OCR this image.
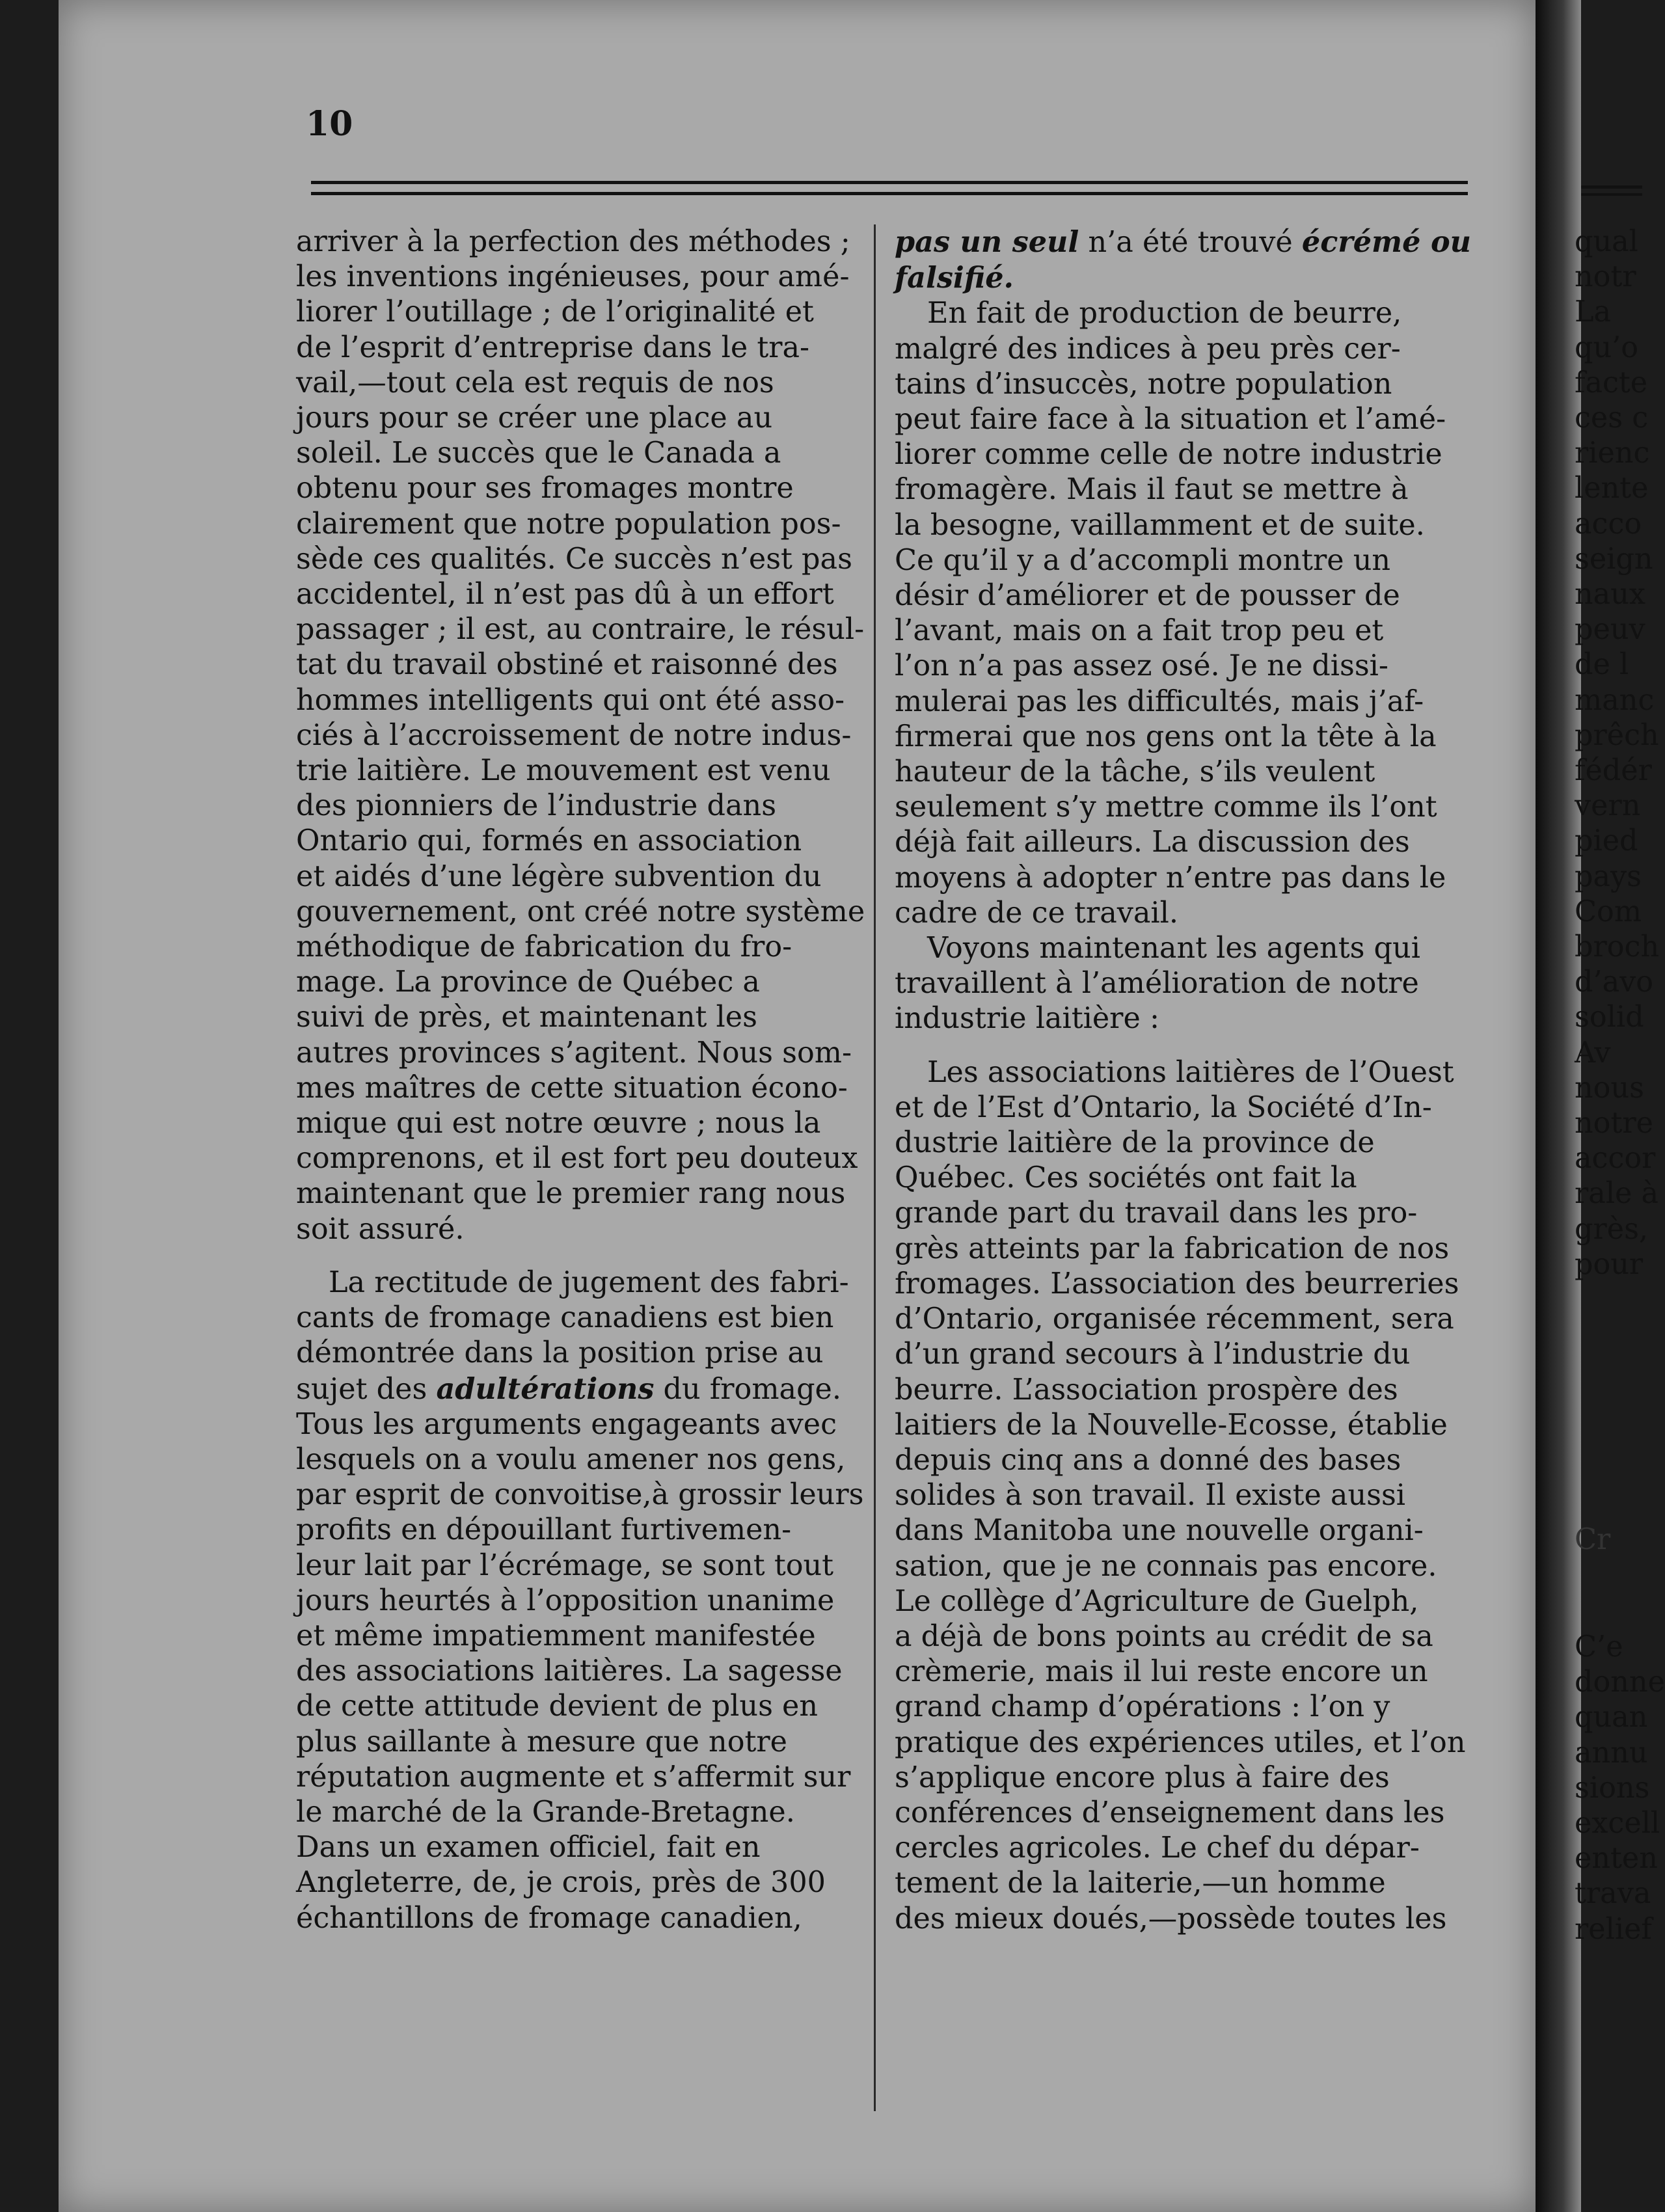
10
arriver à la perfection des méthodes ;
les inventions ingénieuses, pour amé-
liorer l’outillage ; de l’originalité et
de l’esprit d’entreprise dans le tra-
vail,—tout cela est requis de nos
jours pour se créer une place au
soleil. Le succès que le Canada a
obtenu pour ses fromages montre
clairement que notre population pos-
sède ces qualités. Ce succès n’est pas
accidentel, il n’est pas dû à un effort
passager ; il est, au contraire, le résul-
tat du travail obstiné et raisonné des
hommes intelligents qui ont été asso-
ciés à l’accroissement de notre indus-
trie laitière. Le mouvement est venu
des pionniers de l’industrie dans
Ontario qui, formés en association
et aidés d’une légère subvention du
gouvernement, ont créé notre système
méthodique de fabrication du fro-
mage. La province de Québec a
suivi de près, et maintenant les
autres provinces s’agitent. Nous som-
mes maîtres de cette situation écono-
mique qui est notre œuvre ; nous la
comprenons, et il est fort peu douteux
maintenant que le premier rang nous
soit assuré.
La rectitude de jugement des fabri-
cants de fromage canadiens est bien
démontrée dans la position prise au
sujet des adultérations du fromage.
Tous les arguments engageants avec
lesquels on a voulu amener nos gens,
par esprit de convoitise,à grossir leurs
profits en dépouillant furtivemen-
leur lait par l’écrémage, se sont tout
jours heurtés à l’opposition unanime
et même impatiemment manifestée
des associations laitières. La sagesse
de cette attitude devient de plus en
plus saillante à mesure que notre
réputation augmente et s’affermit sur
le marché de la Grande-Bretagne.
Dans un examen officiel, fait en
Angleterre, de, je crois, près de 300
échantillons de fromage canadien,
pas un seul n’a été trouvé écrémé ou
falsifié.
En fait de production de beurre,
malgré des indices à peu près cer-
tains d’insuccès, notre population
peut faire face à la situation et l’amé-
liorer comme celle de notre industrie
fromagère. Mais il faut se mettre à
la besogne, vaillamment et de suite.
Ce qu’il y a d’accompli montre un
désir d’améliorer et de pousser de
l’avant, mais on a fait trop peu et
l’on n’a pas assez osé. Je ne dissi-
mulerai pas les difficultés, mais j’af-
firmerai que nos gens ont la tête à la
hauteur de la tâche, s’ils veulent
seulement s’y mettre comme ils l’ont
déjà fait ailleurs. La discussion des
moyens à adopter n’entre pas dans le
cadre de ce travail.
Voyons maintenant les agents qui
travaillent à l’amélioration de notre
industrie laitière :
Les associations laitières de l’Ouest
et de l’Est d’Ontario, la Société d’In-
dustrie laitière de la province de
Québec. Ces sociétés ont fait la
grande part du travail dans les pro-
grès atteints par la fabrication de nos
fromages. L’association des beurreries
d’Ontario, organisée récemment, sera
d’un grand secours à l’industrie du
beurre. L’association prospère des
laitiers de la Nouvelle-Ecosse, établie
depuis cinq ans a donné des bases
solides à son travail. Il existe aussi
dans Manitoba une nouvelle organi-
sation, que je ne connais pas encore.
Le collège d’Agriculture de Guelph,
a déjà de bons points au crédit de sa
crèmerie, mais il lui reste encore un
grand champ d’opérations : l’on y
pratique des expériences utiles, et l’on
s’applique encore plus à faire des
conférences d’enseignement dans les
cercles agricoles. Le chef du dépar-
tement de la laiterie,—un homme
des mieux doués,—possède toutes les
qual
notr
La
qu’o
facte
ces c
rienc
lente
acco
seign
naux
peuv
de l
manc
prêch
fédér
vern
pied
pays
Com
broch
d’avo
solid
Av
nous
notre
accor
rale à
grès,
pour
Cr
C’e
donne
quan
annu
sions
excell
enten
trava
relief
